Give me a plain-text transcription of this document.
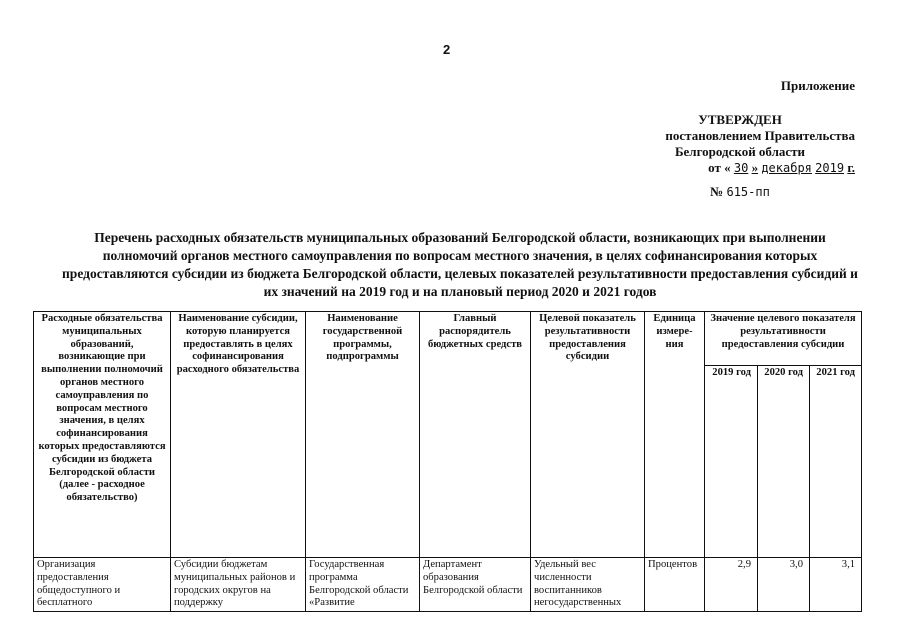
2
Приложение
УТВЕРЖДЕН
постановлением Правительства
Белгородской области
от « 30 » декабря 2019 г.
№ 615-пп
Перечень расходных обязательств муниципальных образований Белгородской области, возникающих при выполнении полномочий органов местного самоуправления по вопросам местного значения, в целях софинансирования которых предоставляются субсидии из бюджета Белгородской области, целевых показателей результативности предоставления субсидий и их значений на 2019 год и на плановый период 2020 и 2021 годов
Расходные обязательства муниципальных образований, возникающие при выполнении полномочий органов местного самоуправления по вопросам местного значения, в целях софинансирования которых предоставляются субсидии из бюджета Белгородской области (далее - расходное обязательство)	Наименование субсидии, которую планируется предоставлять в целях софинансирования расходного обязательства	Наименование государственной программы, подпрограммы	Главный распорядитель бюджетных средств	Целевой показатель результативности предоставления субсидии	Единица измере-ния	Значение целевого показателя результативности предоставления субсидии		
						2019 год	2020 год	2021 год
Организация предоставления общедоступного и бесплатного	Субсидии бюджетам муниципальных районов и городских округов на поддержку	Государственная программа Белгородской области «Развитие	Департамент образования Белгородской области	Удельный вес численности воспитанников негосударственных	Процентов	2,9	3,0	3,1
